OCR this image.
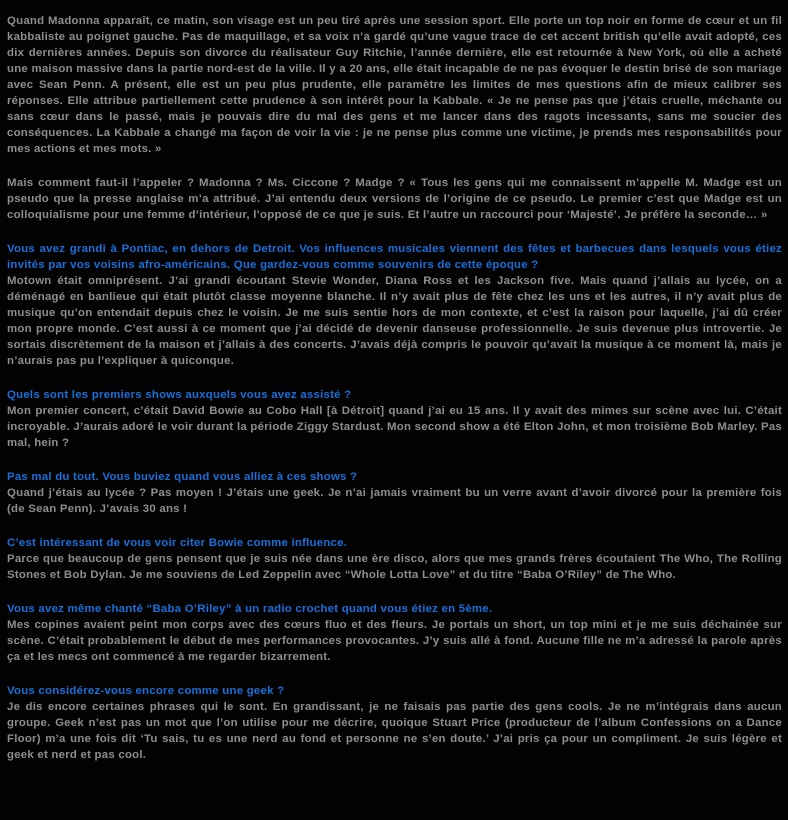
Quand Madonna apparaît, ce matin, son visage est un peu tiré après une session sport. Elle porte un top noir en forme de cœur et un fil kabbaliste au poignet gauche. Pas de maquillage, et sa voix n’a gardé qu’une vague trace de cet accent british qu’elle avait adopté, ces dix dernières années. Depuis son divorce du réalisateur Guy Ritchie, l’année dernière, elle est retournée à New York, où elle a acheté une maison massive dans la partie nord-est de la ville. Il y a 20 ans, elle était incapable de ne pas évoquer le destin brisé de son mariage avec Sean Penn. A présent, elle est un peu plus prudente, elle paramètre les limites de mes questions afin de mieux calibrer ses réponses. Elle attribue partiellement cette prudence à son intérêt pour la Kabbale. « Je ne pense pas que j’étais cruelle, méchante ou sans cœur dans le passé, mais je pouvais dire du mal des gens et me lancer dans des ragots incessants, sans me soucier des conséquences. La Kabbale a changé ma façon de voir la vie : je ne pense plus comme une victime, je prends mes responsabilités pour mes actions et mes mots. »

Mais comment faut-il l’appeler ? Madonna ? Ms. Ciccone ? Madge ? « Tous les gens qui me connaissent m’appelle M. Madge est un pseudo que la presse anglaise m’a attribué. J’ai entendu deux versions de l’origine de ce pseudo. Le premier c’est que Madge est un colloquialisme pour une femme d’intérieur, l’opposé de ce que je suis. Et l’autre un raccourci pour ‘Majesté’. Je préfère la seconde… »

Vous avez grandi à Pontiac, en dehors de Detroit. Vos influences musicales viennent des fêtes et barbecues dans lesquels vous étiez invités par vos voisins afro-américains. Que gardez-vous comme souvenirs de cette époque ?
Motown était omniprésent. J’ai grandi écoutant Stevie Wonder, Diana Ross et les Jackson five. Mais quand j’allais au lycée, on a déménagé en banlieue qui était plutôt classe moyenne blanche. Il n’y avait plus de fête chez les uns et les autres, il n’y avait plus de musique qu’on entendait depuis chez le voisin. Je me suis sentie hors de mon contexte, et c’est la raison pour laquelle, j’ai dû créer mon propre monde. C’est aussi à ce moment que j’ai décidé de devenir danseuse professionnelle. Je suis devenue plus introvertie. Je sortais discrètement de la maison et j’allais à des concerts. J’avais déjà compris le pouvoir qu’avait la musique à ce moment là, mais je n’aurais pas pu l’expliquer à quiconque.
Quels sont les premiers shows auxquels vous avez assisté ?
Mon premier concert, c’était David Bowie au Cobo Hall [à Détroit] quand j’ai eu 15 ans. Il y avait des mimes sur scène avec lui. C’était incroyable. J’aurais adoré le voir durant la période Ziggy Stardust. Mon second show a été Elton John, et mon troisième Bob Marley. Pas mal, hein ?
Pas mal du tout. Vous buviez quand vous alliez à ces shows ?
Quand j’étais au lycée ? Pas moyen ! J’étais une geek. Je n’ai jamais vraiment bu un verre avant d’avoir divorcé pour la première fois (de Sean Penn). J’avais 30 ans !
C’est intéressant de vous voir citer Bowie comme influence.
Parce que beaucoup de gens pensent que je suis née dans une ère disco, alors que mes grands frères écoutaient The Who, The Rolling Stones et Bob Dylan. Je me souviens de Led Zeppelin avec “Whole Lotta Love” et du titre “Baba O’Riley” de The Who.
Vous avez même chanté “Baba O’Riley” à un radio crochet quand vous étiez en 5ème.
Mes copines avaient peint mon corps avec des cœurs fluo et des fleurs. Je portais un short, un top mini et je me suis déchainée sur scène. C’était probablement le début de mes performances provocantes. J’y suis allé à fond. Aucune fille ne m’a adressé la parole après ça et les mecs ont commencé à me regarder bizarrement.
Vous considérez-vous encore comme une geek ?
Je dis encore certaines phrases qui le sont. En grandissant, je ne faisais pas partie des gens cools. Je ne m’intégrais dans aucun groupe. Geek n’est pas un mot que l’on utilise pour me décrire, quoique Stuart Price (producteur de l’album Confessions on a Dance Floor) m’a une fois dit ‘Tu sais, tu es une nerd au fond et personne ne s’en doute.’ J’ai pris ça pour un compliment. Je suis légère et geek et nerd et pas cool.
